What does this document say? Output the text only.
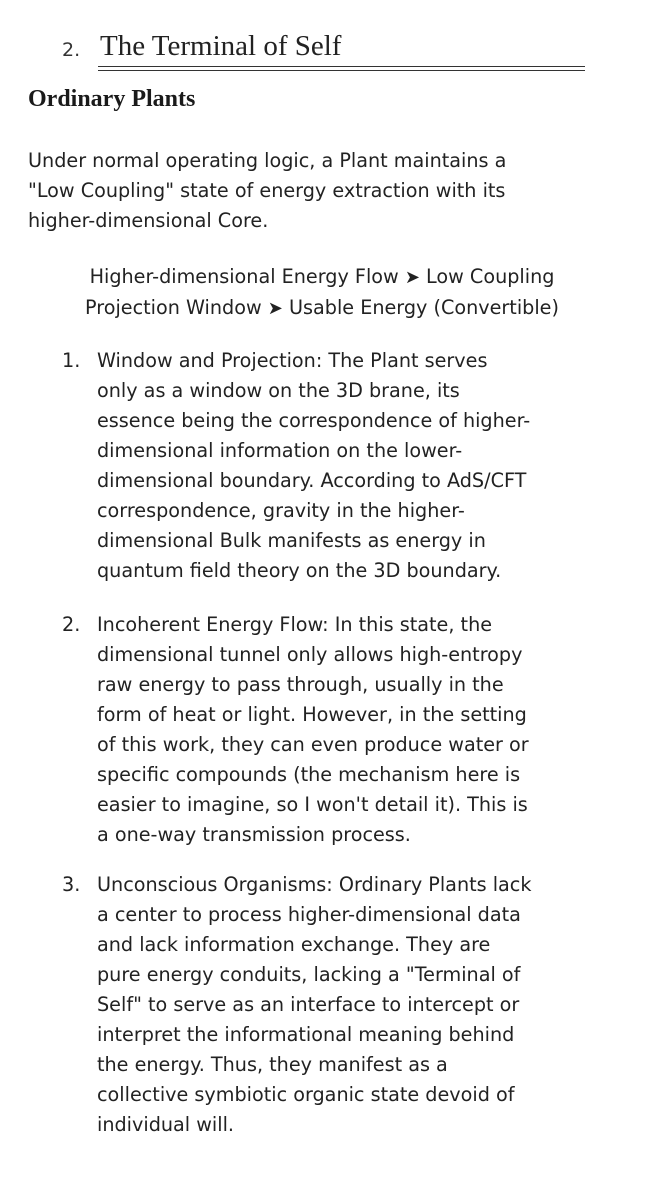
2. The Terminal of Self
Ordinary Plants

Under normal operating logic, a Plant maintains a
"Low Coupling" state of energy extraction with its
higher-dimensional Core.

Higher-dimensional Energy Flow ➤ Low Coupling
Projection Window ➤ Usable Energy (Convertible)

1. Window and Projection: The Plant serves
only as a window on the 3D brane, its
essence being the correspondence of higher-
dimensional information on the lower-
dimensional boundary. According to AdS/CFT
correspondence, gravity in the higher-
dimensional Bulk manifests as energy in
quantum field theory on the 3D boundary.
2. Incoherent Energy Flow: In this state, the
dimensional tunnel only allows high-entropy
raw energy to pass through, usually in the
form of heat or light. However, in the setting
of this work, they can even produce water or
specific compounds (the mechanism here is
easier to imagine, so I won't detail it). This is
a one-way transmission process.
3. Unconscious Organisms: Ordinary Plants lack
a center to process higher-dimensional data
and lack information exchange. They are
pure energy conduits, lacking a "Terminal of
Self" to serve as an interface to intercept or
interpret the informational meaning behind
the energy. Thus, they manifest as a
collective symbiotic organic state devoid of
individual will.
